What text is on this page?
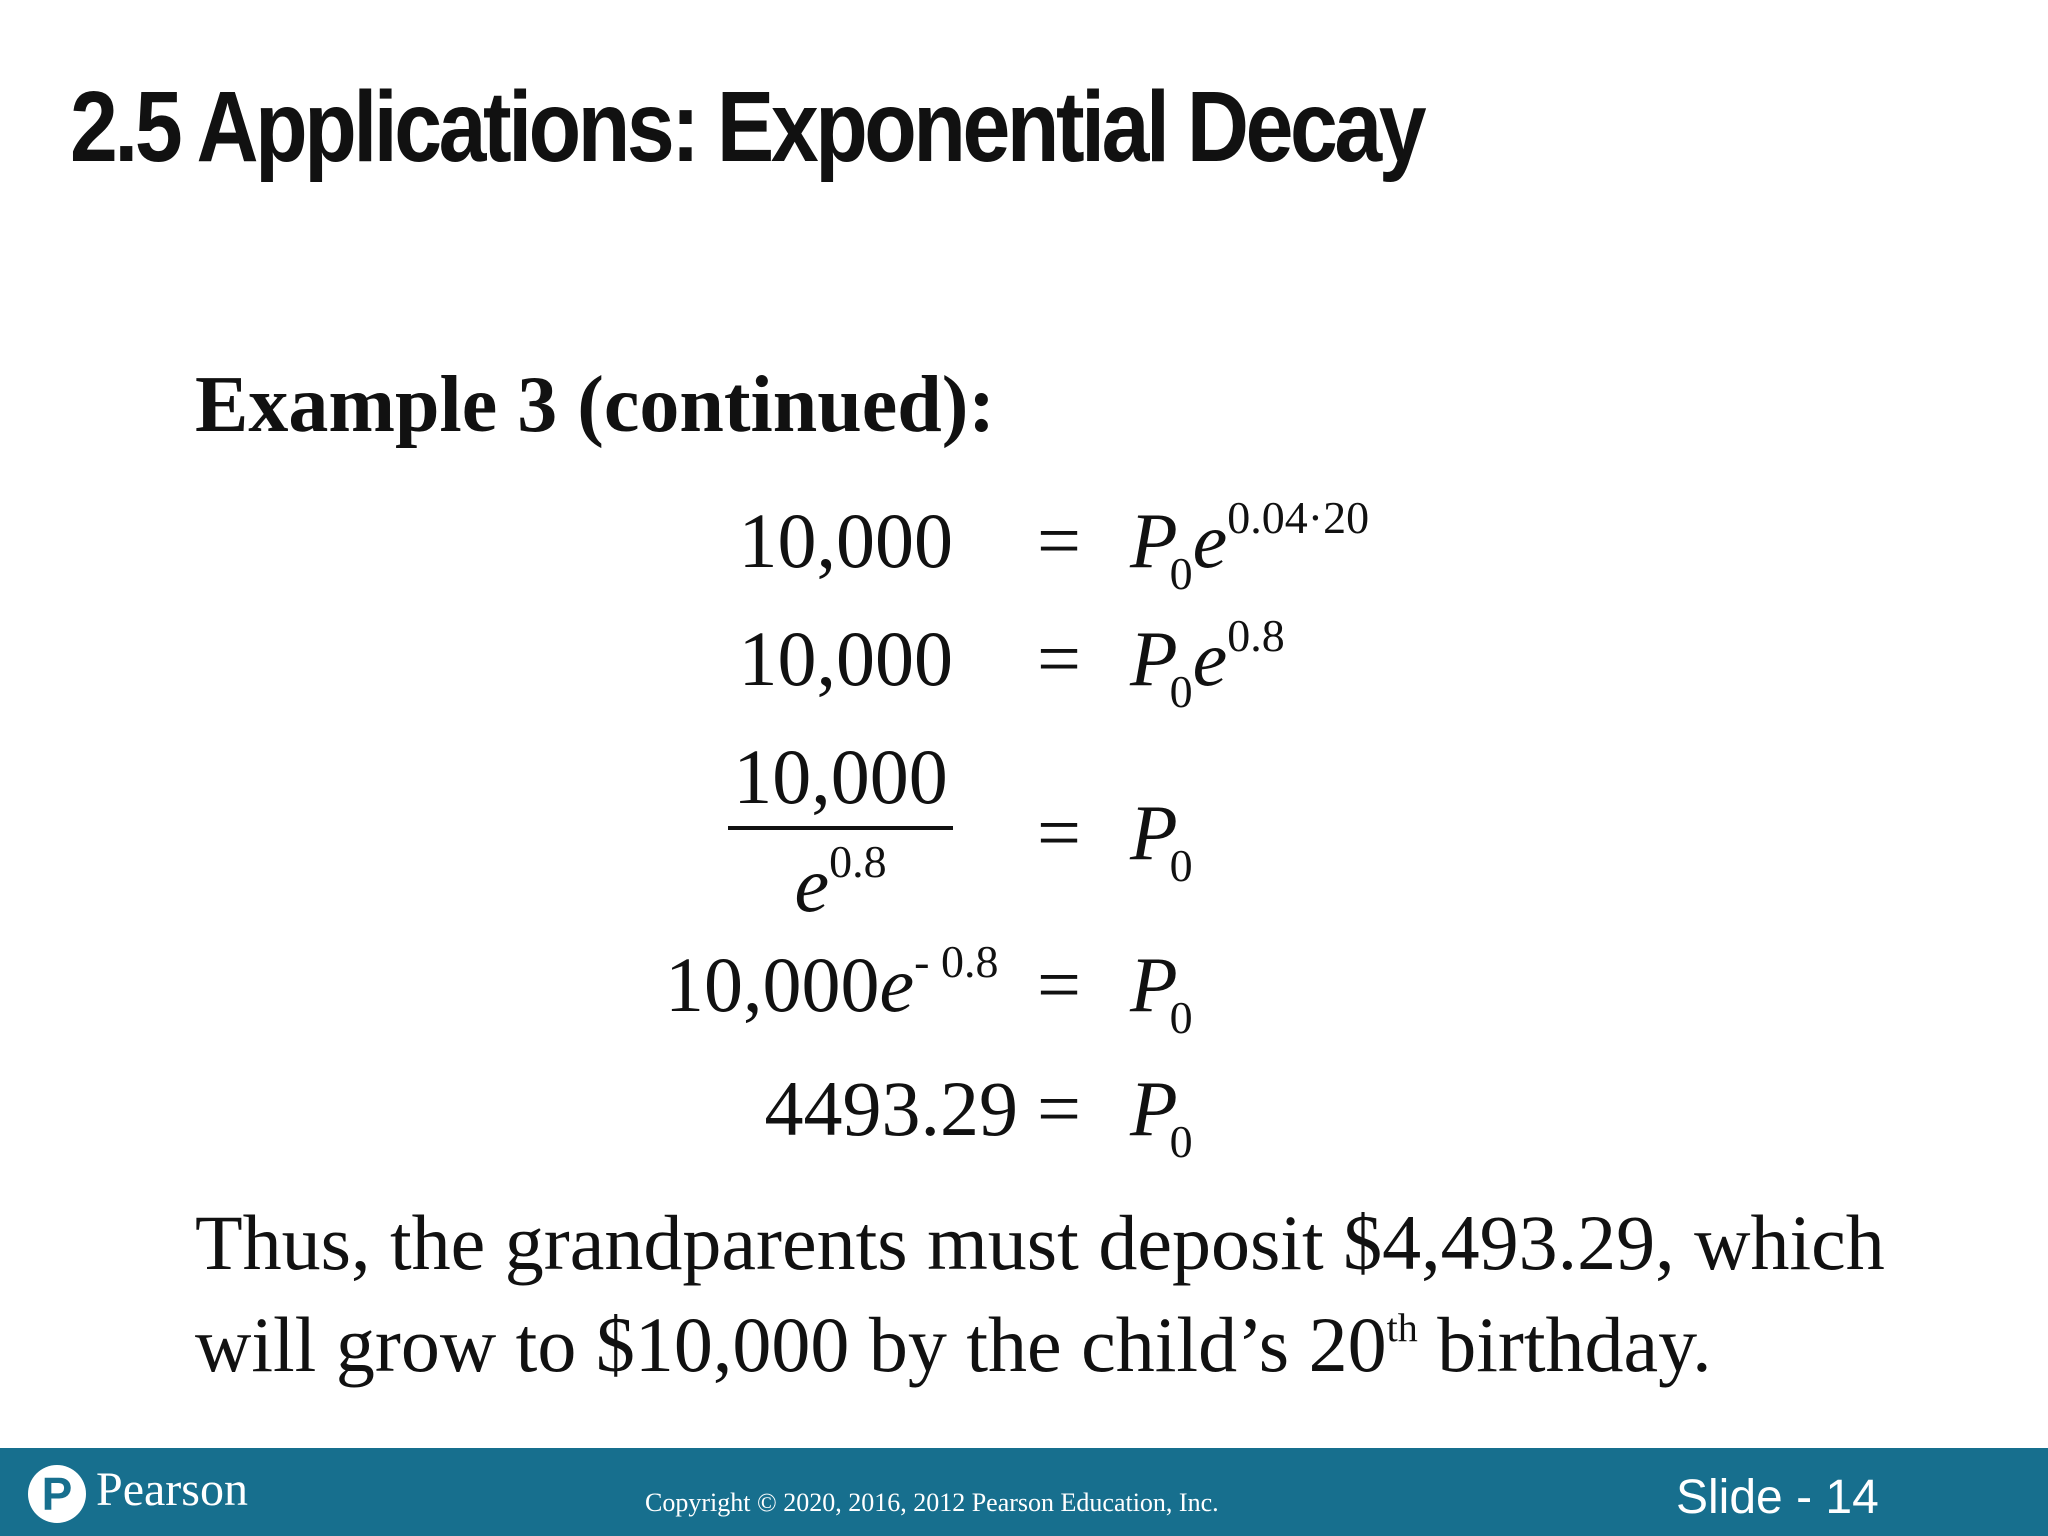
2.5 Applications: Exponential Decay
Example 3 (continued):
$10,000 = P_0e^{0.04\cdot 20}$
$10,000 = P_0e^{0.8}$
10,000
$e^{0.8}$	= $P_0$
$10,000e^{- 0.8} = P_0$
$4493.29 = P_0$
Thus, the grandparents must deposit $4,493.29, which will grow to $10,000 by the child’s 20th birthday.
P Pearson	Copyright © 2020, 2016, 2012 Pearson Education, Inc.	Slide - 14
